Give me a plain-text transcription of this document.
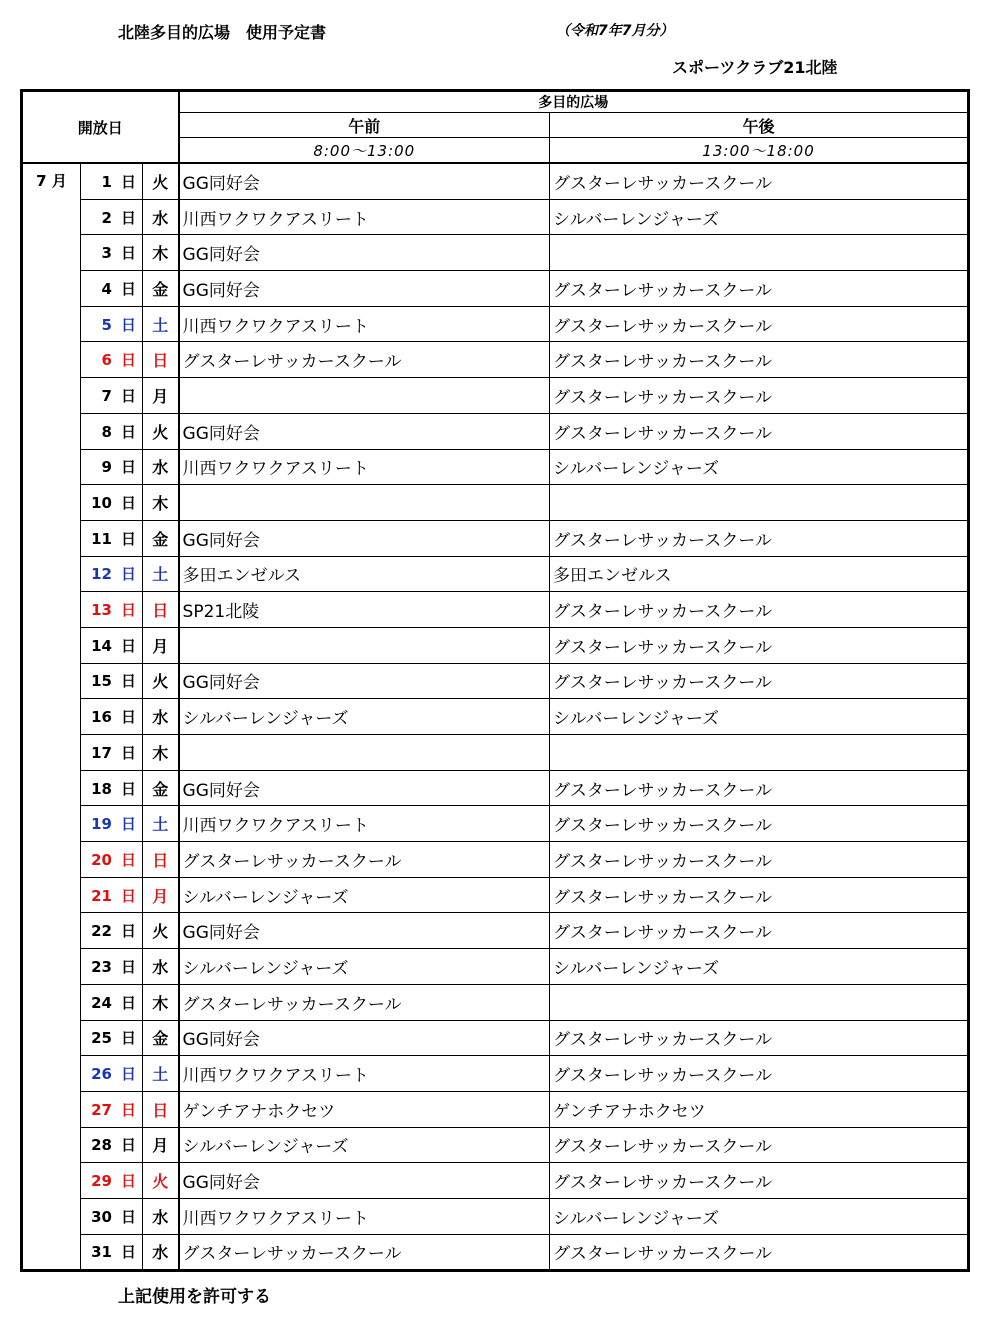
北陸多目的広場　使用予定書	（令和7年7月分）
スポーツクラブ21北陸
開放日			多目的広場	
			午前	午後
			8:00～13:00	13:00～18:00
7 月	1 日	火	GG同好会	グスターレサッカースクール
	2 日	水	川西ワクワクアスリート	シルバーレンジャーズ
	3 日	木	GG同好会	
	4 日	金	GG同好会	グスターレサッカースクール
	5 日	土	川西ワクワクアスリート	グスターレサッカースクール
	6 日	日	グスターレサッカースクール	グスターレサッカースクール
	7 日	月		グスターレサッカースクール
	8 日	火	GG同好会	グスターレサッカースクール
	9 日	水	川西ワクワクアスリート	シルバーレンジャーズ
	10 日	木		
	11 日	金	GG同好会	グスターレサッカースクール
	12 日	土	多田エンゼルス	多田エンゼルス
	13 日	日	SP21北陵	グスターレサッカースクール
	14 日	月		グスターレサッカースクール
	15 日	火	GG同好会	グスターレサッカースクール
	16 日	水	シルバーレンジャーズ	シルバーレンジャーズ
	17 日	木		
	18 日	金	GG同好会	グスターレサッカースクール
	19 日	土	川西ワクワクアスリート	グスターレサッカースクール
	20 日	日	グスターレサッカースクール	グスターレサッカースクール
	21 日	月	シルバーレンジャーズ	グスターレサッカースクール
	22 日	火	GG同好会	グスターレサッカースクール
	23 日	水	シルバーレンジャーズ	シルバーレンジャーズ
	24 日	木	グスターレサッカースクール	
	25 日	金	GG同好会	グスターレサッカースクール
	26 日	土	川西ワクワクアスリート	グスターレサッカースクール
	27 日	日	ゲンチアナホクセツ	ゲンチアナホクセツ
	28 日	月	シルバーレンジャーズ	グスターレサッカースクール
	29 日	火	GG同好会	グスターレサッカースクール
	30 日	水	川西ワクワクアスリート	シルバーレンジャーズ
	31 日	水	グスターレサッカースクール	グスターレサッカースクール
上記使用を許可する
